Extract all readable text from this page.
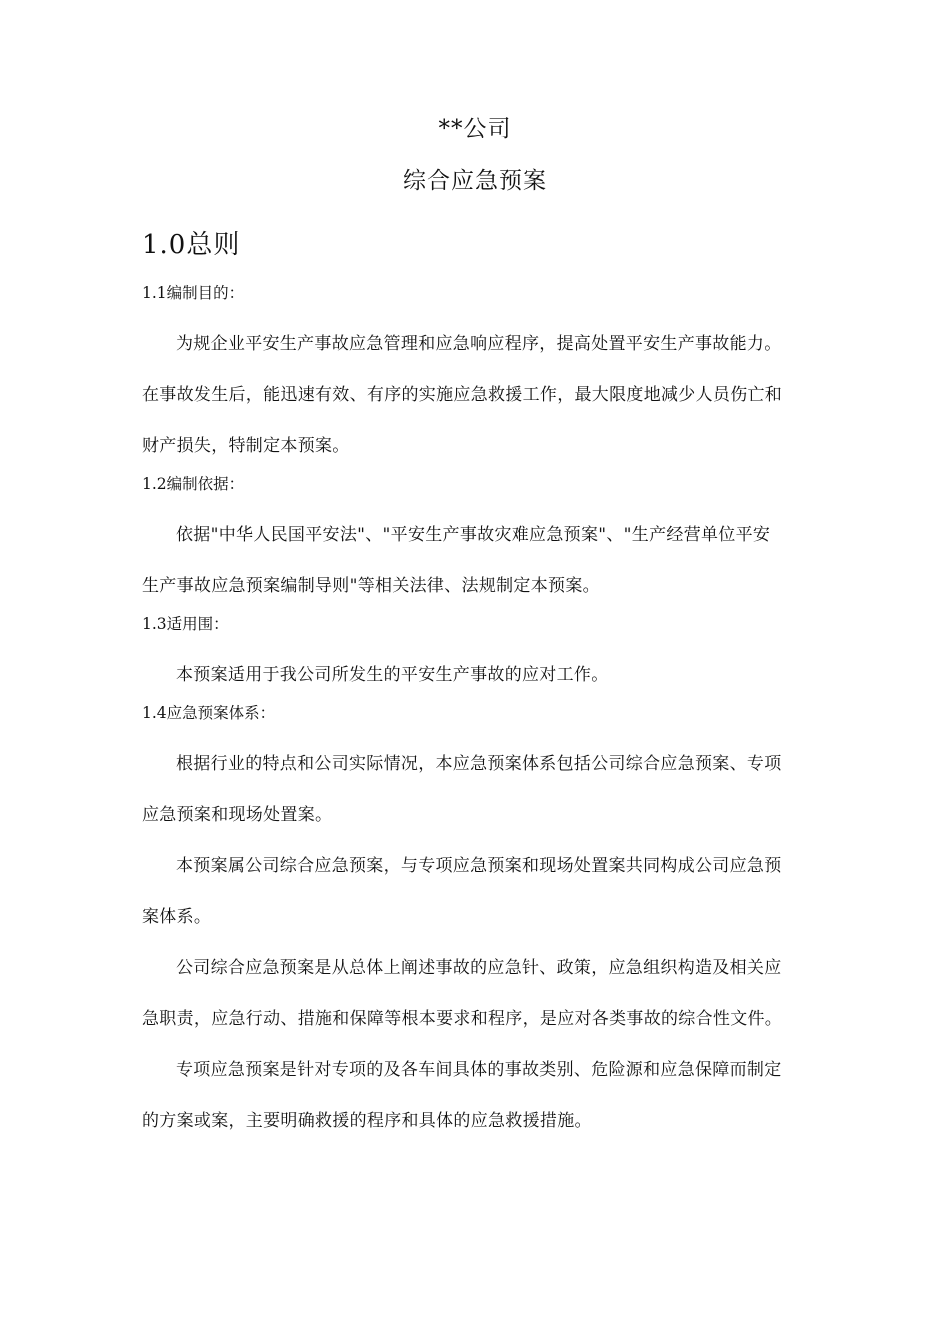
**公司
综合应急预案
1.0总则
1.1编制目的：
为规企业平安生产事故应急管理和应急响应程序，提高处置平安生产事故能力。
在事故发生后，能迅速有效、有序的实施应急救援工作，最大限度地减少人员伤亡和
财产损失，特制定本预案。
1.2编制依据：
依据"中华人民国平安法"、"平安生产事故灾难应急预案"、"生产经营单位平安
生产事故应急预案编制导则"等相关法律、法规制定本预案。
1.3适用围：
本预案适用于我公司所发生的平安生产事故的应对工作。
1.4应急预案体系：
根据行业的特点和公司实际情况，本应急预案体系包括公司综合应急预案、专项
应急预案和现场处置案。
本预案属公司综合应急预案，与专项应急预案和现场处置案共同构成公司应急预
案体系。
公司综合应急预案是从总体上阐述事故的应急针、政策，应急组织构造及相关应
急职责，应急行动、措施和保障等根本要求和程序，是应对各类事故的综合性文件。
专项应急预案是针对专项的及各车间具体的事故类别、危险源和应急保障而制定
的方案或案，主要明确救援的程序和具体的应急救援措施。
